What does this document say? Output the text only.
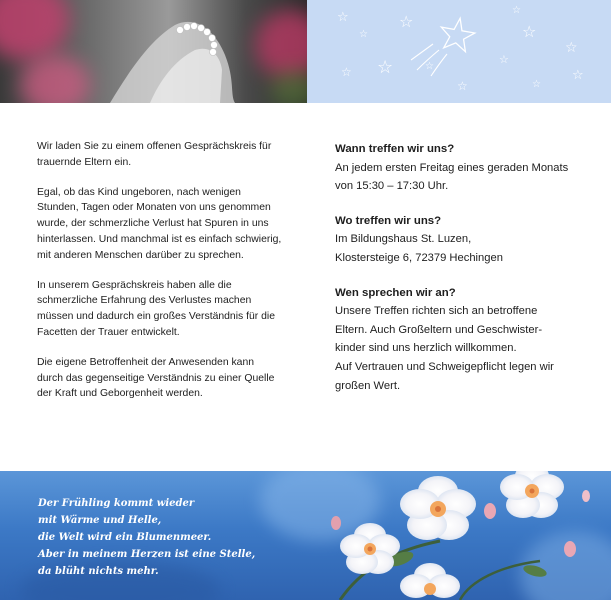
☆
☆
☆
☆ ☆	☆
☆
☆
☆
☆
☆
☆	☆

Wir laden Sie zu einem offenen Gesprächskreis für trauernde Eltern ein.

Egal, ob das Kind ungeboren, nach wenigen Stunden, Tagen oder Monaten von uns genommen wurde, der schmerzliche Verlust hat Spuren in uns hinterlassen. Und manchmal ist es einfach schwierig, mit anderen Menschen darüber zu sprechen.

In unserem Gesprächskreis haben alle die schmerzliche Erfahrung des Verlustes machen müssen und dadurch ein großes Verständnis für die Facetten der Trauer entwickelt.

Die eigene Betroffenheit der Anwesenden kann durch das gegenseitige Verständnis zu einer Quelle der Kraft und Geborgenheit werden.

Wann treffen wir uns?
An jedem ersten Freitag eines geraden Monats
von 15:30 – 17:30 Uhr.
Wo treffen wir uns?
Im Bildungshaus St. Luzen,
Klostersteige 6, 72379 Hechingen
Wen sprechen wir an?
Unsere Treffen richten sich an betroffene
Eltern. Auch Großeltern und Geschwister-
kinder sind uns herzlich willkommen.
Auf Vertrauen und Schweigepflicht legen wir
großen Wert.
Der Frühling kommt wieder
mit Wärme und Helle,
die Welt wird ein Blumenmeer.
Aber in meinem Herzen ist eine Stelle,
da blüht nichts mehr.
